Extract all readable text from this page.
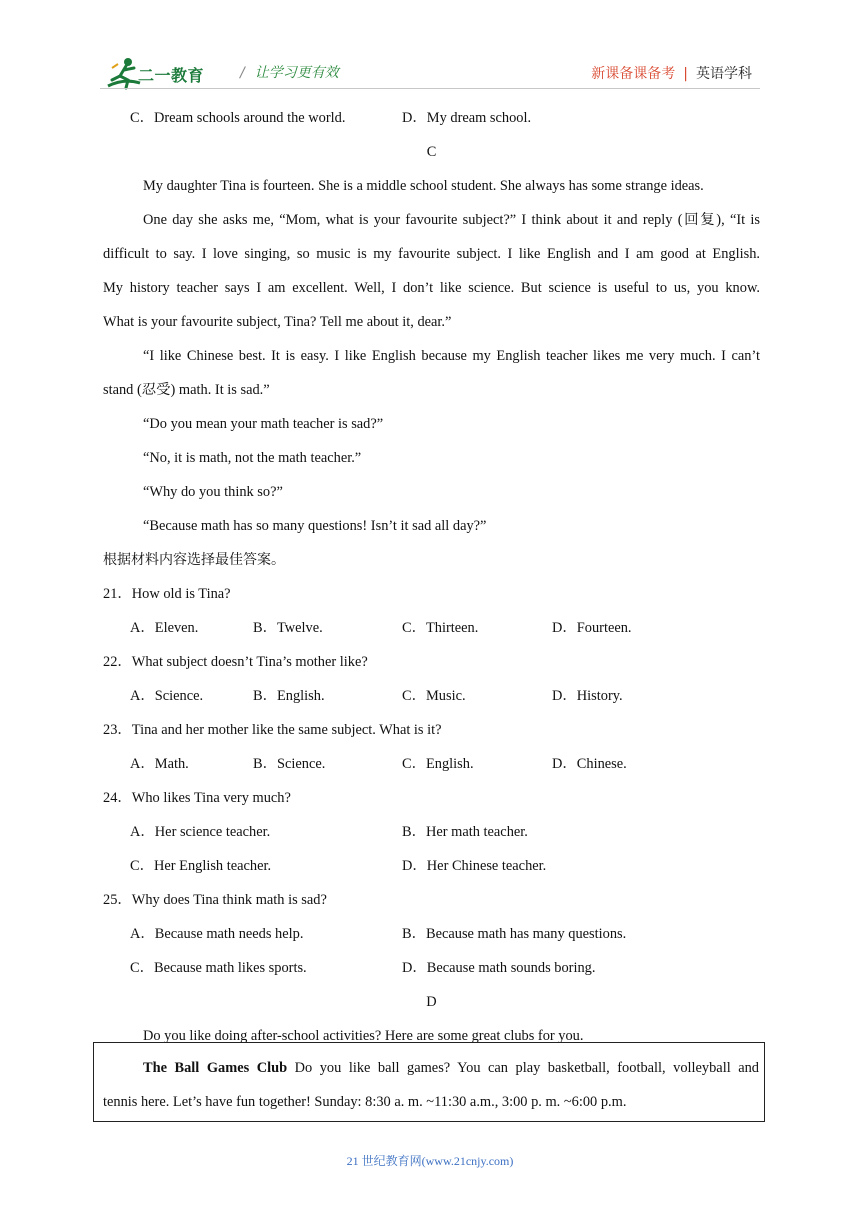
二一教育	/ 让学习更有效	新课备课备考 | 英语学科
C．Dream schools around the world.	D．My dream school.
C
My daughter Tina is fourteen. She is a middle school student. She always has some strange ideas.
One day she asks me, “Mom, what is your favourite subject?” I think about it and reply (回复), “It is
difficult to say. I love singing, so music is my favourite subject. I like English and I am good at English.
My history teacher says I am excellent. Well, I don’t like science. But science is useful to us, you know.
What is your favourite subject, Tina? Tell me about it, dear.”
“I like Chinese best. It is easy. I like English because my English teacher likes me very much. I can’t
stand (忍受) math. It is sad.”
“Do you mean your math teacher is sad?”
“No, it is math, not the math teacher.”
“Why do you think so?”
“Because math has so many questions! Isn’t it sad all day?”
根据材料内容选择最佳答案。
21．How old is Tina?
A．Eleven.	B．Twelve.	C．Thirteen.	D．Fourteen.
22．What subject doesn’t Tina’s mother like?
A．Science.	B．English.	C．Music.	D．History.
23．Tina and her mother like the same subject. What is it?
A．Math.	B．Science.	C．English.	D．Chinese.
24．Who likes Tina very much?
A．Her science teacher.	B．Her math teacher.
C．Her English teacher.	D．Her Chinese teacher.
25．Why does Tina think math is sad?
A．Because math needs help.	B．Because math has many questions.
C．Because math likes sports.	D．Because math sounds boring.
D
Do you like doing after-school activities? Here are some great clubs for you.
The Ball Games Club Do you like ball games? You can play basketball, football, volleyball and
tennis here. Let’s have fun together! Sunday: 8:30 a. m. ~11:30 a.m., 3:00 p. m. ~6:00 p.m.
21 世纪教育网(www.21cnjy.com)
